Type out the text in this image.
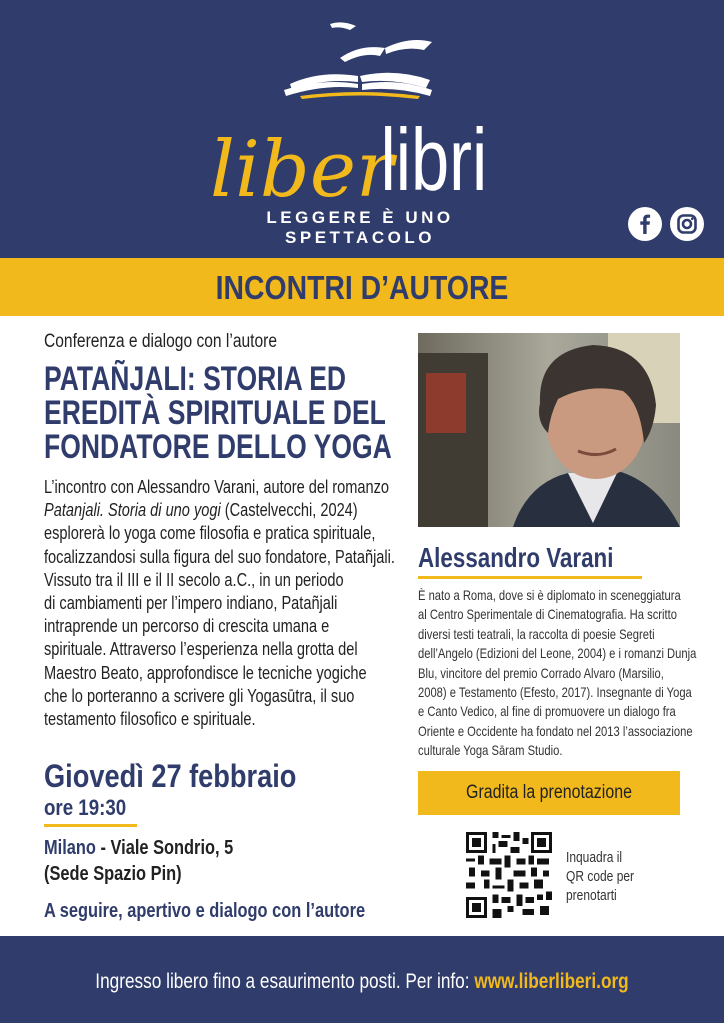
liber
libri
LEGGERE È UNO SPETTACOLO
INCONTRI D’AUTORE
Conferenza e dialogo con l’autore
PATAÑJALI: STORIA ED
EREDITÀ SPIRITUALE DEL
FONDATORE DELLO YOGA

L’incontro con Alessandro Varani, autore del romanzo

Patanjali. Storia di uno yogi (Castelvecchi, 2024)

esplorerà lo yoga come filosofia e pratica spirituale,

focalizzandosi sulla figura del suo fondatore, Patañjali.

Vissuto tra il III e il II secolo a.C., in un periodo

di cambiamenti per l’impero indiano, Patañjali

intraprende un percorso di crescita umana e

spirituale. Attraverso l’esperienza nella grotta del

Maestro Beato, approfondisce le tecniche yogiche

che lo porteranno a scrivere gli Yogasūtra, il suo

testamento filosofico e spirituale.

Giovedì 27 febbraio
ore 19:30
Milano - Viale Sondrio, 5
(Sede Spazio Pin)
A seguire, apertivo e dialogo con l’autore
Alessandro Varani

È nato a Roma, dove si è diplomato in sceneggiatura

al Centro Sperimentale di Cinematografia. Ha scritto

diversi testi teatrali, la raccolta di poesie Segreti

dell’Angelo (Edizioni del Leone, 2004) e i romanzi Dunja

Blu, vincitore del premio Corrado Alvaro (Marsilio,

2008) e Testamento (Efesto, 2017). Insegnante di Yoga

e Canto Vedico, al fine di promuovere un dialogo fra

Oriente e Occidente ha fondato nel 2013 l’associazione

culturale Yoga Sāram Studio.

Gradita la prenotazione
Inquadra il
QR code per
prenotarti
Ingresso libero fino a esaurimento posti. Per info: www.liberliberi.org
